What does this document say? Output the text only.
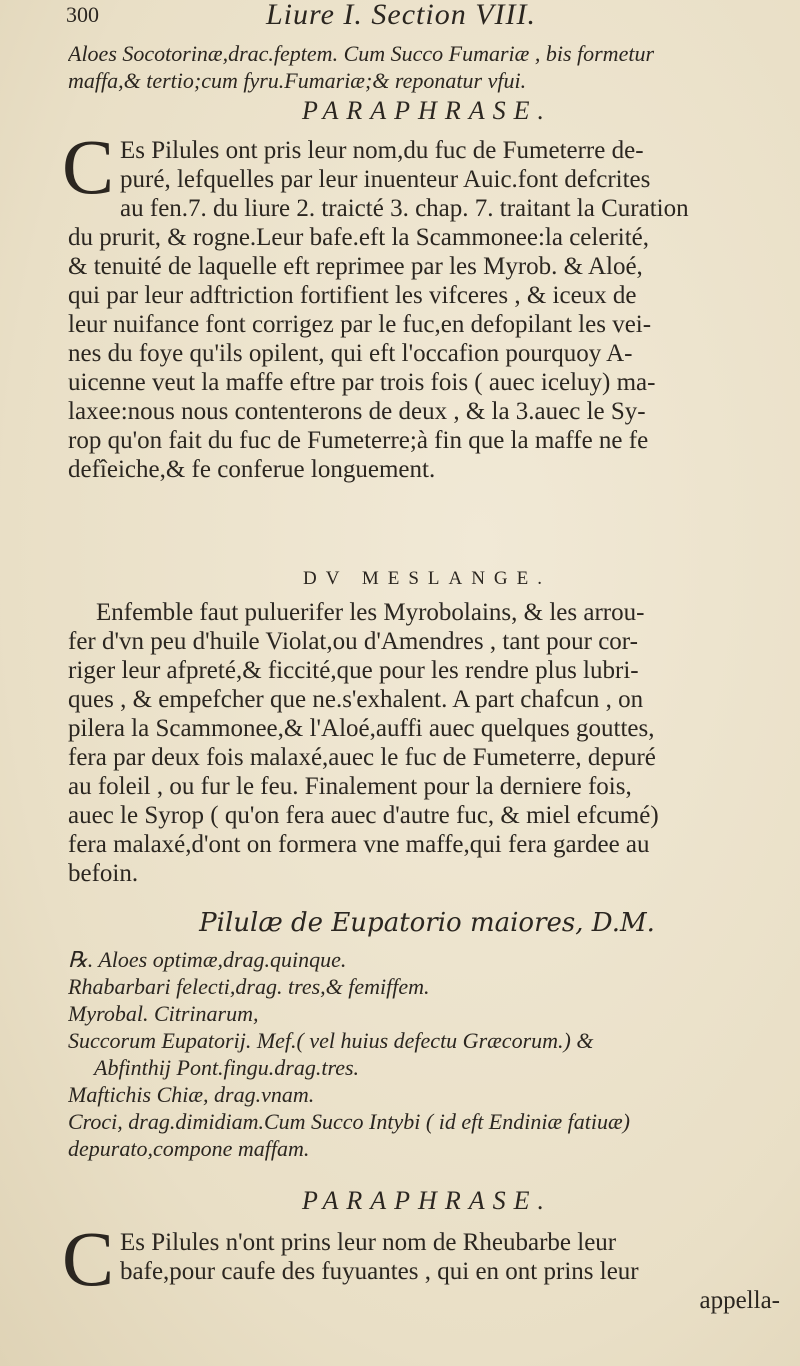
300	Liure I. Section VIII.
Aloes Socotorinæ,drac.feptem. Cum Succo Fumariæ , bis formetur
maffa,& tertio;cum fyru.Fumariæ;& reponatur vfui.
PARAPHRASE.
C Es Pilules ont pris leur nom,du fuc de Fumeterre de-
puré, lefquelles par leur inuenteur Auic.font defcrites
au fen.7. du liure 2. traicté 3. chap. 7. traitant la Curation
du prurit, & rogne.Leur bafe.eft la Scammonee:la celerité,
& tenuité de laquelle eft reprimee par les Myrob. & Aloé,
qui par leur adftriction fortifient les vifceres , & iceux de
leur nuifance font corrigez par le fuc,en defopilant les vei-
nes du foye qu'ils opilent, qui eft l'occafion pourquoy A-
uicenne veut la maffe eftre par trois fois ( auec iceluy) ma-
laxee:nous nous contenterons de deux , & la 3.auec le Sy-
rop qu'on fait du fuc de Fumeterre;à fin que la maffe ne fe
defîeiche,& fe conferue longuement.
DV MESLANGE.
Enfemble faut puluerifer les Myrobolains, & les arrou-
fer d'vn peu d'huile Violat,ou d'Amendres , tant pour cor-
riger leur afpreté,& ficcité,que pour les rendre plus lubri-
ques , & empefcher que ne.s'exhalent. A part chafcun , on
pilera la Scammonee,& l'Aloé,auffi auec quelques gouttes,
fera par deux fois malaxé,auec le fuc de Fumeterre, depuré
au foleil , ou fur le feu. Finalement pour la derniere fois,
auec le Syrop ( qu'on fera auec d'autre fuc, & miel efcumé)
fera malaxé,d'ont on formera vne maffe,qui fera gardee au
befoin.
Pilulæ de Eupatorio maiores, D.M.
℞. Aloes optimæ,drag.quinque.
Rhabarbari felecti,drag. tres,& femiffem.
Myrobal. Citrinarum,
Succorum Eupatorij. Mef.( vel huius defectu Græcorum.) &
Abfinthij Pont.fingu.drag.tres.
Maftichis Chiæ, drag.vnam.
Croci, drag.dimidiam.Cum Succo Intybi ( id eft Endiniæ fatiuæ)
depurato,compone maffam.
PARAPHRASE.
C Es Pilules n'ont prins leur nom de Rheubarbe leur
bafe,pour caufe des fuyuantes , qui en ont prins leur
appella-
